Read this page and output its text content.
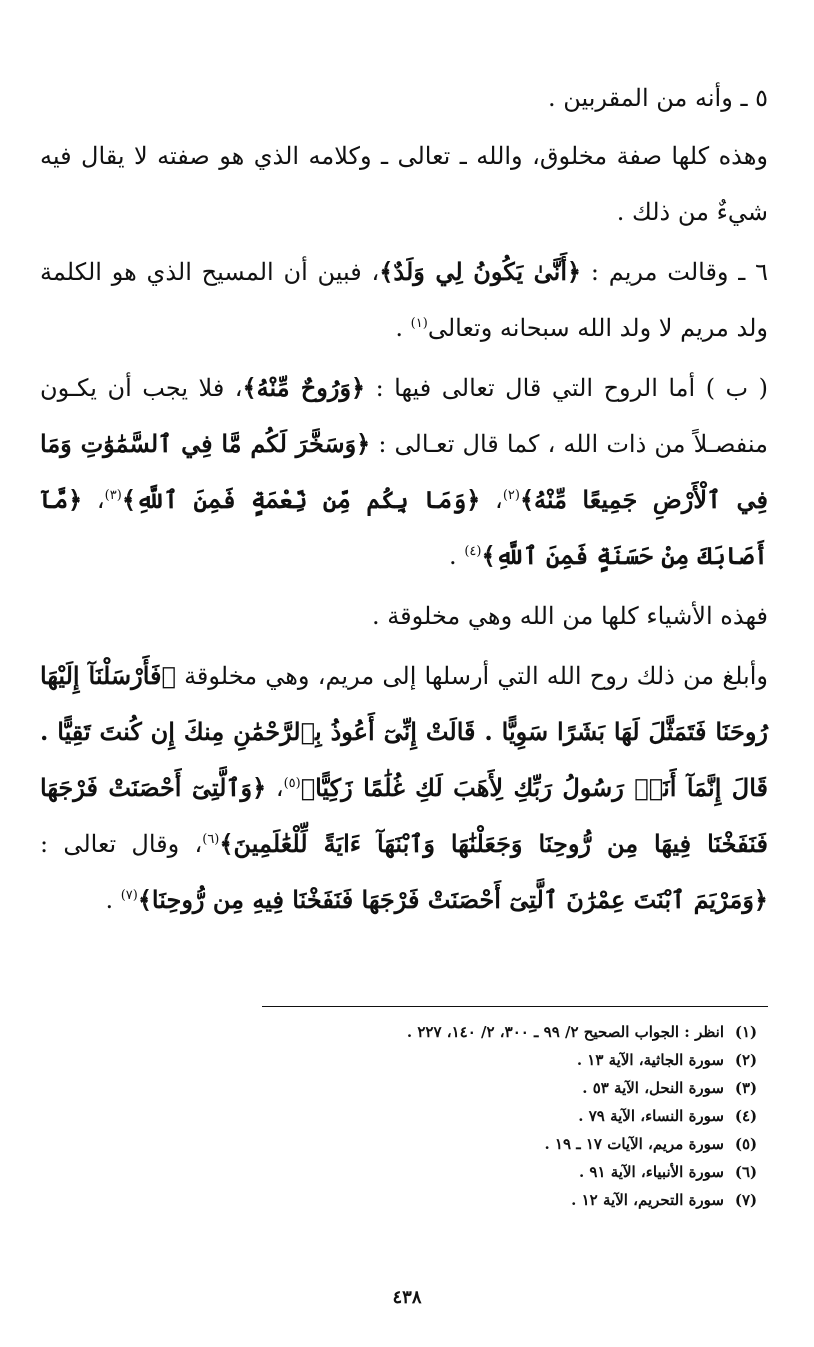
٥ ـ وأنه من المقربين .

وهذه كلها صفة مخلوق، والله ـ تعالى ـ وكلامه الذي هو صفته لا يقال فيه شيءٌ من ذلك .

٦ ـ وقالت مريم : ﴿أَنَّىٰ يَكُونُ لِي وَلَدٌ﴾، فبين أن المسيح الذي هو الكلمة ولد مريم لا ولد الله سبحانه وتعالى$^{(١)}$ .

( ب ) أما الروح التي قال تعالى فيها : ﴿وَرُوحٌ مِّنْهُ﴾، فلا يجب أن يكـون منفصـلاً من ذات الله ، كما قال تعـالى : ﴿وَسَخَّرَ لَكُم مَّا فِي ٱلسَّمَٰوَٰتِ وَمَا فِي ٱلْأَرْضِ جَمِيعًا مِّنْهُ﴾$^{(٢)}$، ﴿وَمَا بِكُم مِّن نِّعْمَةٍ فَمِنَ ٱللَّهِ﴾$^{(٣)}$، ﴿مَّآ أَصَابَكَ مِنْ حَسَنَةٍ فَمِنَ ٱللَّهِ﴾$^{(٤)}$ .

فهذه الأشياء كلها من الله وهي مخلوقة .

وأبلغ من ذلك روح الله التي أرسلها إلى مريم، وهي مخلوقة ﴿فَأَرْسَلْنَآ إِلَيْهَا رُوحَنَا فَتَمَثَّلَ لَهَا بَشَرًا سَوِيًّا . قَالَتْ إِنِّىٓ أَعُوذُ بِٱلرَّحْمَٰنِ مِنكَ إِن كُنتَ تَقِيًّا . قَالَ إِنَّمَآ أَنَا۠ رَسُولُ رَبِّكِ لِأَهَبَ لَكِ غُلَٰمًا زَكِيًّا﴾$^{(٥)}$، ﴿وَٱلَّتِىٓ أَحْصَنَتْ فَرْجَهَا فَنَفَخْنَا فِيهَا مِن رُّوحِنَا وَجَعَلْنَٰهَا وَٱبْنَهَآ ءَايَةً لِّلْعَٰلَمِينَ﴾$^{(٦)}$، وقال تعالى : ﴿وَمَرْيَمَ ٱبْنَتَ عِمْرَٰنَ ٱلَّتِىٓ أَحْصَنَتْ فَرْجَهَا فَنَفَخْنَا فِيهِ مِن رُّوحِنَا﴾$^{(٧)}$ .

(١)
انظر : الجواب الصحيح ٢/ ٩٩ ـ ٣٠٠، ٢/ ١٤٠، ٢٢٧ .
(٢)
سورة الجاثية، الآية ١٣ .
(٣)
سورة النحل، الآية ٥٣ .
(٤)
سورة النساء، الآية ٧٩ .
(٥)
سورة مريم، الآيات ١٧ ـ ١٩ .
(٦)
سورة الأنبياء، الآية ٩١ .
(٧)
سورة التحريم، الآية ١٢ .
٤٣٨
